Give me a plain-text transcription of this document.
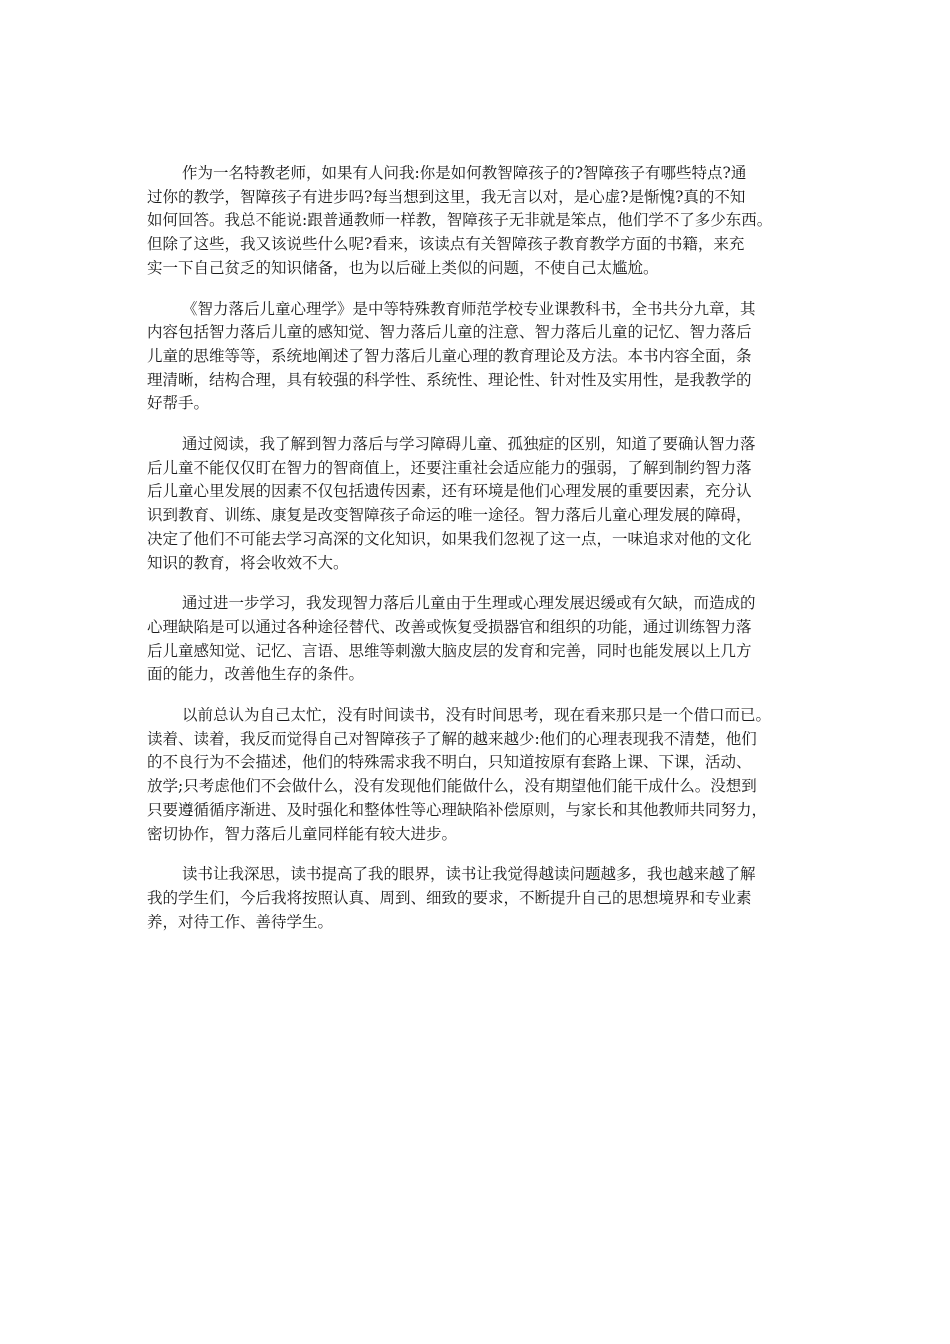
作为一名特教老师，如果有人问我:你是如何教智障孩子的?智障孩子有哪些特点?通
过你的教学，智障孩子有进步吗?每当想到这里，我无言以对，是心虚?是惭愧?真的不知
如何回答。我总不能说:跟普通教师一样教，智障孩子无非就是笨点，他们学不了多少东西。
但除了这些，我又该说些什么呢?看来，该读点有关智障孩子教育教学方面的书籍，来充
实一下自己贫乏的知识储备，也为以后碰上类似的问题，不使自己太尴尬。

《智力落后儿童心理学》是中等特殊教育师范学校专业课教科书，全书共分九章，其
内容包括智力落后儿童的感知觉、智力落后儿童的注意、智力落后儿童的记忆、智力落后
儿童的思维等等，系统地阐述了智力落后儿童心理的教育理论及方法。本书内容全面，条
理清晰，结构合理，具有较强的科学性、系统性、理论性、针对性及实用性，是我教学的
好帮手。

通过阅读，我了解到智力落后与学习障碍儿童、孤独症的区别，知道了要确认智力落
后儿童不能仅仅盯在智力的智商值上，还要注重社会适应能力的强弱，了解到制约智力落
后儿童心里发展的因素不仅包括遗传因素，还有环境是他们心理发展的重要因素，充分认
识到教育、训练、康复是改变智障孩子命运的唯一途径。智力落后儿童心理发展的障碍，
决定了他们不可能去学习高深的文化知识，如果我们忽视了这一点，一味追求对他的文化
知识的教育，将会收效不大。

通过进一步学习，我发现智力落后儿童由于生理或心理发展迟缓或有欠缺，而造成的
心理缺陷是可以通过各种途径替代、改善或恢复受损器官和组织的功能，通过训练智力落
后儿童感知觉、记忆、言语、思维等刺激大脑皮层的发育和完善，同时也能发展以上几方
面的能力，改善他生存的条件。

以前总认为自己太忙，没有时间读书，没有时间思考，现在看来那只是一个借口而已。
读着、读着，我反而觉得自己对智障孩子了解的越来越少:他们的心理表现我不清楚，他们
的不良行为不会描述，他们的特殊需求我不明白，只知道按原有套路上课、下课，活动、
放学;只考虑他们不会做什么，没有发现他们能做什么，没有期望他们能干成什么。没想到
只要遵循循序渐进、及时强化和整体性等心理缺陷补偿原则，与家长和其他教师共同努力，
密切协作，智力落后儿童同样能有较大进步。

读书让我深思，读书提高了我的眼界，读书让我觉得越读问题越多，我也越来越了解
我的学生们，今后我将按照认真、周到、细致的要求，不断提升自己的思想境界和专业素
养，对待工作、善待学生。
